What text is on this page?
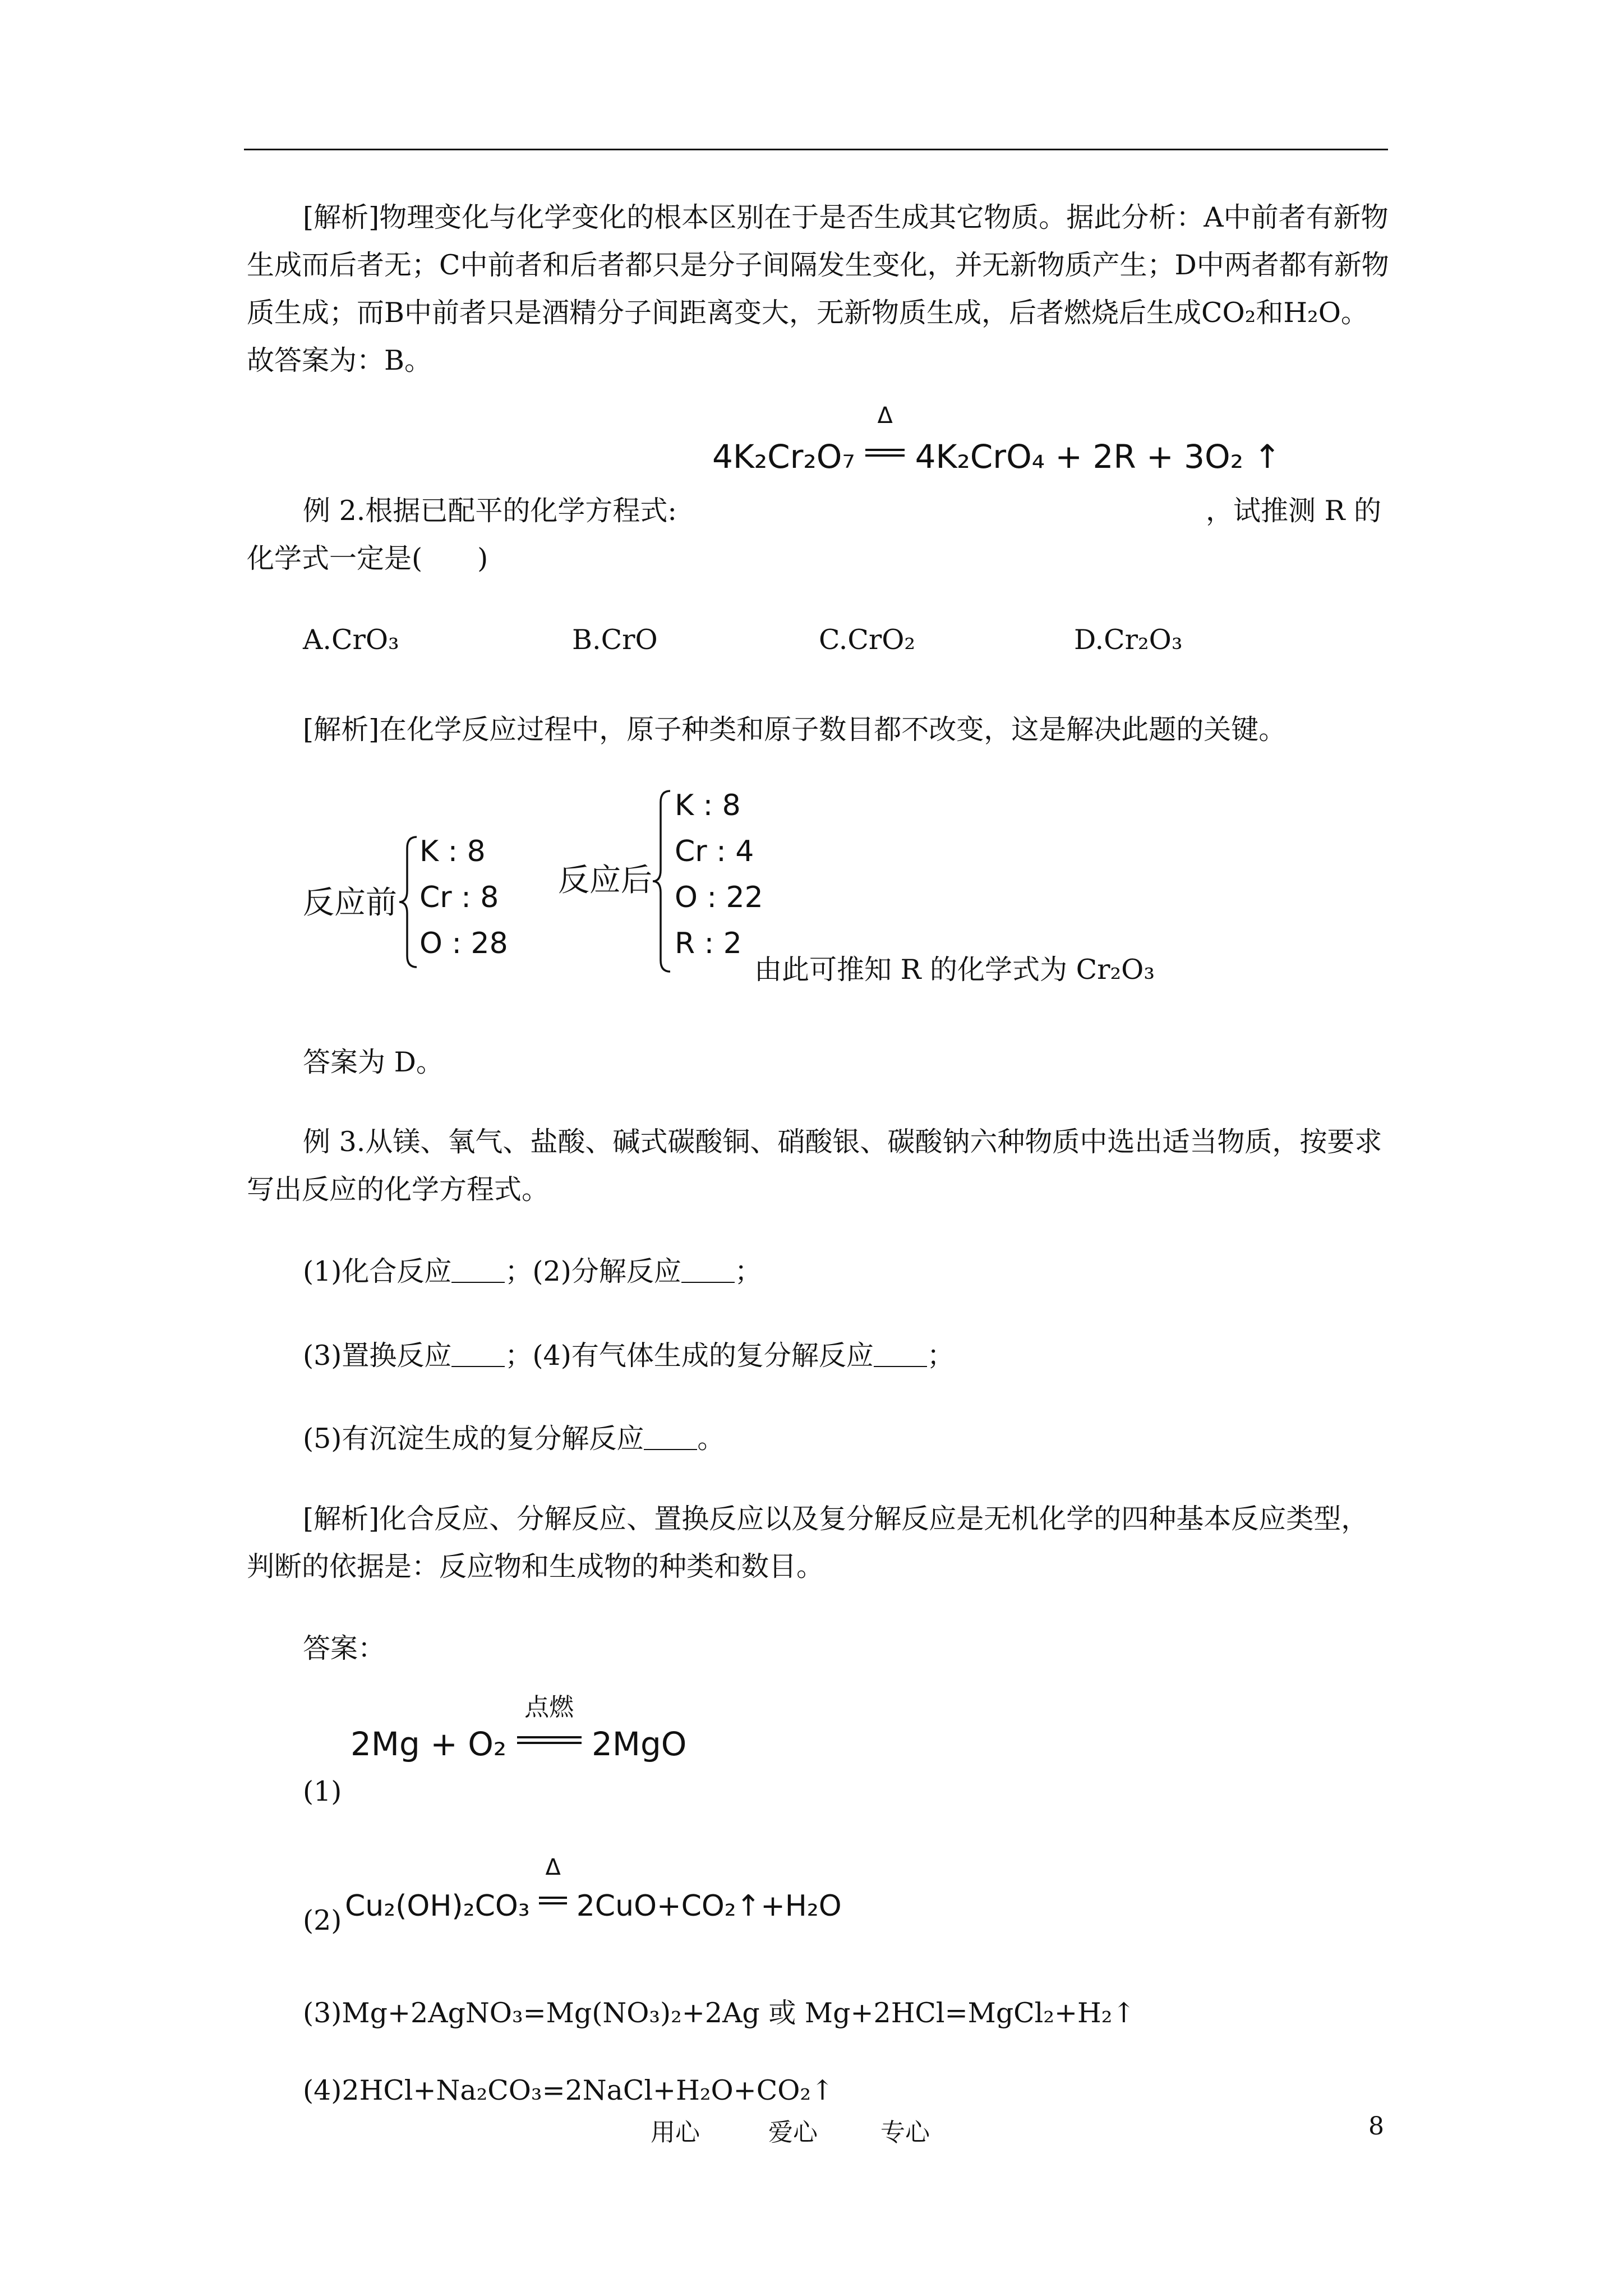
[解析]物理变化与化学变化的根本区别在于是否生成其它物质。据此分析：A中前者有新物生成而后者无；C中前者和后者都只是分子间隔发生变化，并无新物质产生；D中两者都有新物质生成；而B中前者只是酒精分子间距离变大，无新物质生成，后者燃烧后生成CO₂和H₂O。故答案为：B。
4K₂Cr₂O₇
Δ
4K₂CrO₄ + 2R + 3O₂ ↑
例 2.根据已配平的化学方程式:	，试推测 R 的
化学式一定是(　　)
A.CrO₃	B.CrO	C.CrO₂	D.Cr₂O₃
[解析]在化学反应过程中，原子种类和原子数目都不改变，这是解决此题的关键。
反应前
K : 8
Cr : 8
O : 28
反应后
K : 8
Cr : 4
O : 22
R : 2
由此可推知 R 的化学式为 Cr₂O₃
答案为 D。
例 3.从镁、氧气、盐酸、碱式碳酸铜、硝酸银、碳酸钠六种物质中选出适当物质，按要求写出反应的化学方程式。
(1)化合反应 ；(2)分解反应 ；
(3)置换反应 ；(4)有气体生成的复分解反应 ；
(5)有沉淀生成的复分解反应 。
[解析]化合反应、分解反应、置换反应以及复分解反应是无机化学的四种基本反应类型，判断的依据是：反应物和生成物的种类和数目。
答案：
2Mg + O₂
点燃
2MgO
(1)
(2) Cu₂(OH)₂CO₃
Δ
2CuO+CO₂↑+H₂O
(3)Mg+2AgNO₃=Mg(NO₃)₂+2Ag 或 Mg+2HCl=MgCl₂+H₂↑
(4)2HCl+Na₂CO₃=2NaCl+H₂O+CO₂↑
用心	爱心	专心	8
